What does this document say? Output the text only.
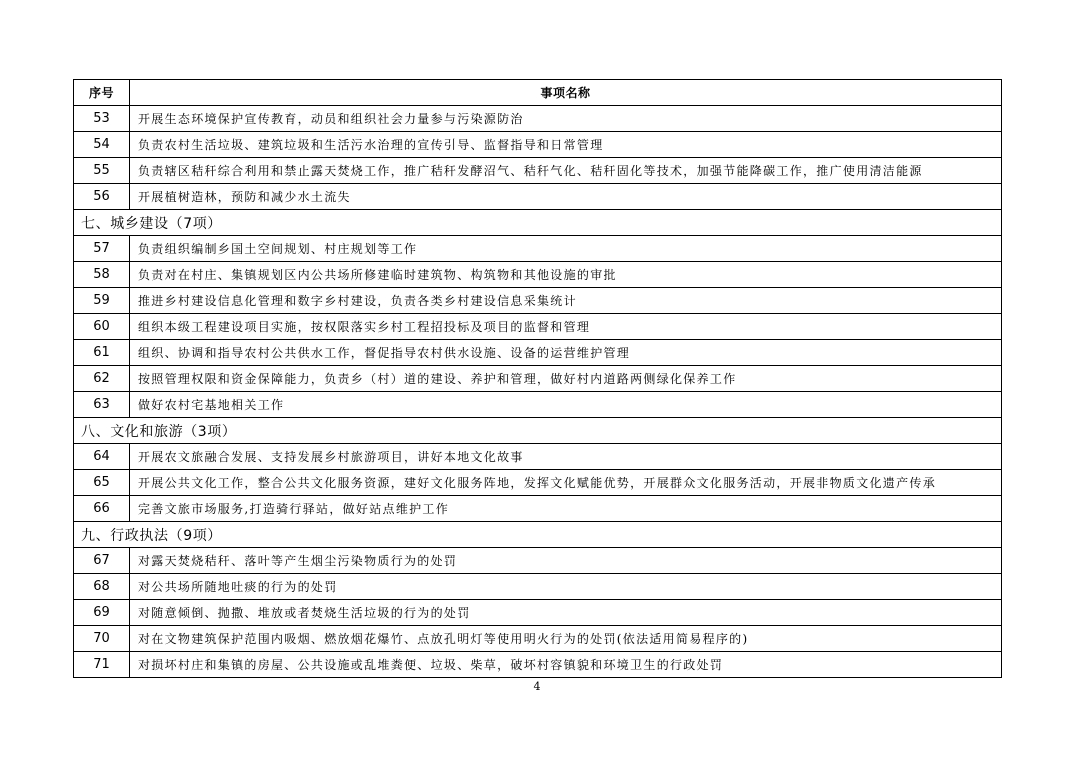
序号	事项名称
53	开展生态环境保护宣传教育，动员和组织社会力量参与污染源防治
54	负责农村生活垃圾、建筑垃圾和生活污水治理的宣传引导、监督指导和日常管理
55	负责辖区秸秆综合利用和禁止露天焚烧工作，推广秸秆发酵沼气、秸秆气化、秸秆固化等技术，加强节能降碳工作，推广使用清洁能源
56	开展植树造林，预防和减少水土流失
七、城乡建设（7项）	
57	负责组织编制乡国土空间规划、村庄规划等工作
58	负责对在村庄、集镇规划区内公共场所修建临时建筑物、构筑物和其他设施的审批
59	推进乡村建设信息化管理和数字乡村建设，负责各类乡村建设信息采集统计
60	组织本级工程建设项目实施，按权限落实乡村工程招投标及项目的监督和管理
61	组织、协调和指导农村公共供水工作，督促指导农村供水设施、设备的运营维护管理
62	按照管理权限和资金保障能力，负责乡（村）道的建设、养护和管理，做好村内道路两侧绿化保养工作
63	做好农村宅基地相关工作
八、文化和旅游（3项）	
64	开展农文旅融合发展、支持发展乡村旅游项目，讲好本地文化故事
65	开展公共文化工作，整合公共文化服务资源，建好文化服务阵地，发挥文化赋能优势，开展群众文化服务活动，开展非物质文化遗产传承
66	完善文旅市场服务,打造骑行驿站，做好站点维护工作
九、行政执法（9项）	
67	对露天焚烧秸秆、落叶等产生烟尘污染物质行为的处罚
68	对公共场所随地吐痰的行为的处罚
69	对随意倾倒、抛撒、堆放或者焚烧生活垃圾的行为的处罚
70	对在文物建筑保护范围内吸烟、燃放烟花爆竹、点放孔明灯等使用明火行为的处罚(依法适用简易程序的)
71	对损坏村庄和集镇的房屋、公共设施或乱堆粪便、垃圾、柴草，破坏村容镇貌和环境卫生的行政处罚
4
